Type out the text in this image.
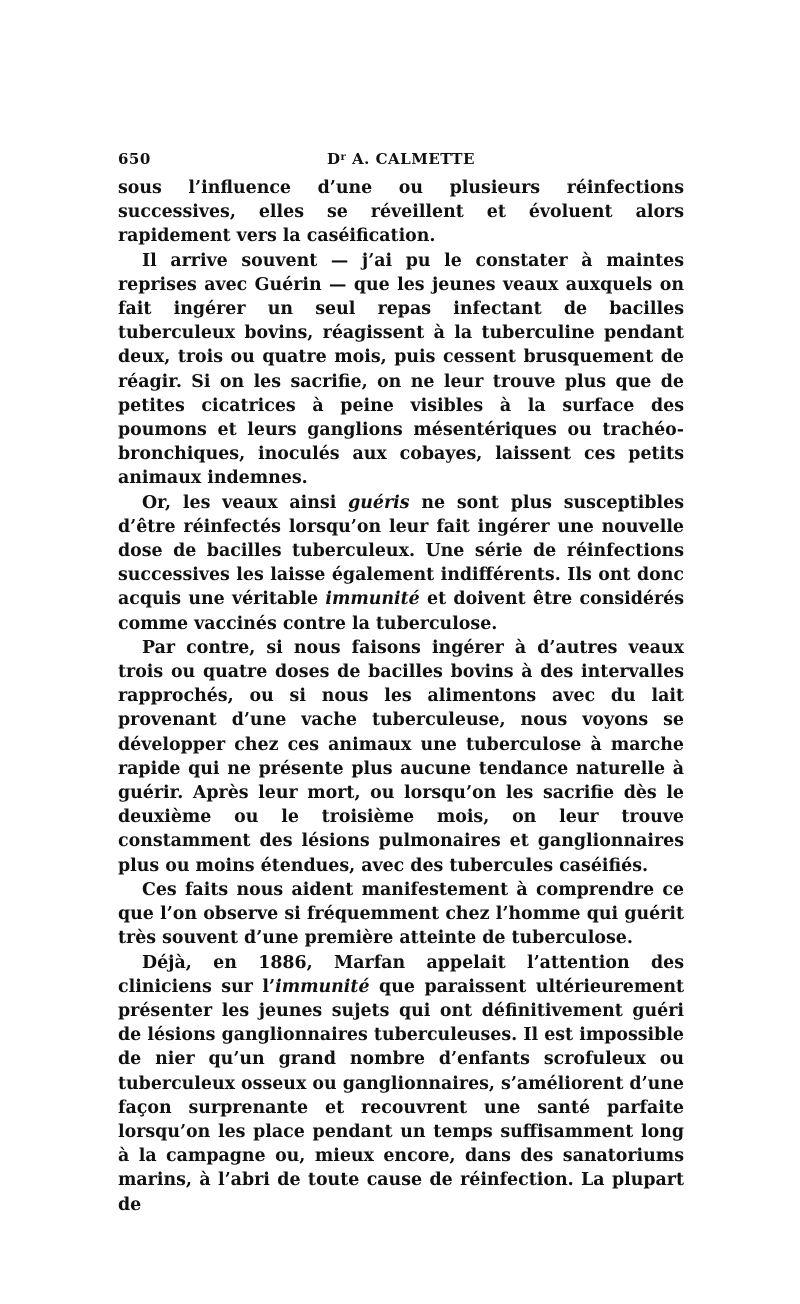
650	$D^r$ A. CALMETTE

sous l’influence d’une ou plusieurs réinfections successives, elles se réveillent et évoluent alors rapidement vers la caséification.

Il arrive souvent — j’ai pu le constater à maintes reprises avec Guérin — que les jeunes veaux auxquels on fait ingérer un seul repas infectant de bacilles tuberculeux bovins, réagissent à la tuberculine pendant deux, trois ou quatre mois, puis cessent brusquement de réagir. Si on les sacrifie, on ne leur trouve plus que de petites cicatrices à peine visibles à la surface des poumons et leurs ganglions mésentériques ou trachéo-bronchiques, inoculés aux cobayes, laissent ces petits animaux indemnes.

Or, les veaux ainsi guéris ne sont plus susceptibles d’être réinfectés lorsqu’on leur fait ingérer une nouvelle dose de bacilles tuberculeux. Une série de réinfections successives les laisse également indifférents. Ils ont donc acquis une véritable immunité et doivent être considérés comme vaccinés contre la tuberculose.

Par contre, si nous faisons ingérer à d’autres veaux trois ou quatre doses de bacilles bovins à des intervalles rapprochés, ou si nous les alimentons avec du lait provenant d’une vache tuberculeuse, nous voyons se développer chez ces animaux une tuberculose à marche rapide qui ne présente plus aucune tendance naturelle à guérir. Après leur mort, ou lorsqu’on les sacrifie dès le deuxième ou le troisième mois, on leur trouve constamment des lésions pulmonaires et ganglionnaires plus ou moins étendues, avec des tubercules caséifiés.

Ces faits nous aident manifestement à comprendre ce que l’on observe si fréquemment chez l’homme qui guérit très souvent d’une première atteinte de tuberculose.

Déjà, en 1886, Marfan appelait l’attention des cliniciens sur l’immunité que paraissent ultérieurement présenter les jeunes sujets qui ont définitivement guéri de lésions ganglionnaires tuberculeuses. Il est impossible de nier qu’un grand nombre d’enfants scrofuleux ou tuberculeux osseux ou ganglionnaires, s’améliorent d’une façon surprenante et recouvrent une santé parfaite lorsqu’on les place pendant un temps suffisamment long à la campagne ou, mieux encore, dans des sanatoriums marins, à l’abri de toute cause de réinfection. La plupart de
